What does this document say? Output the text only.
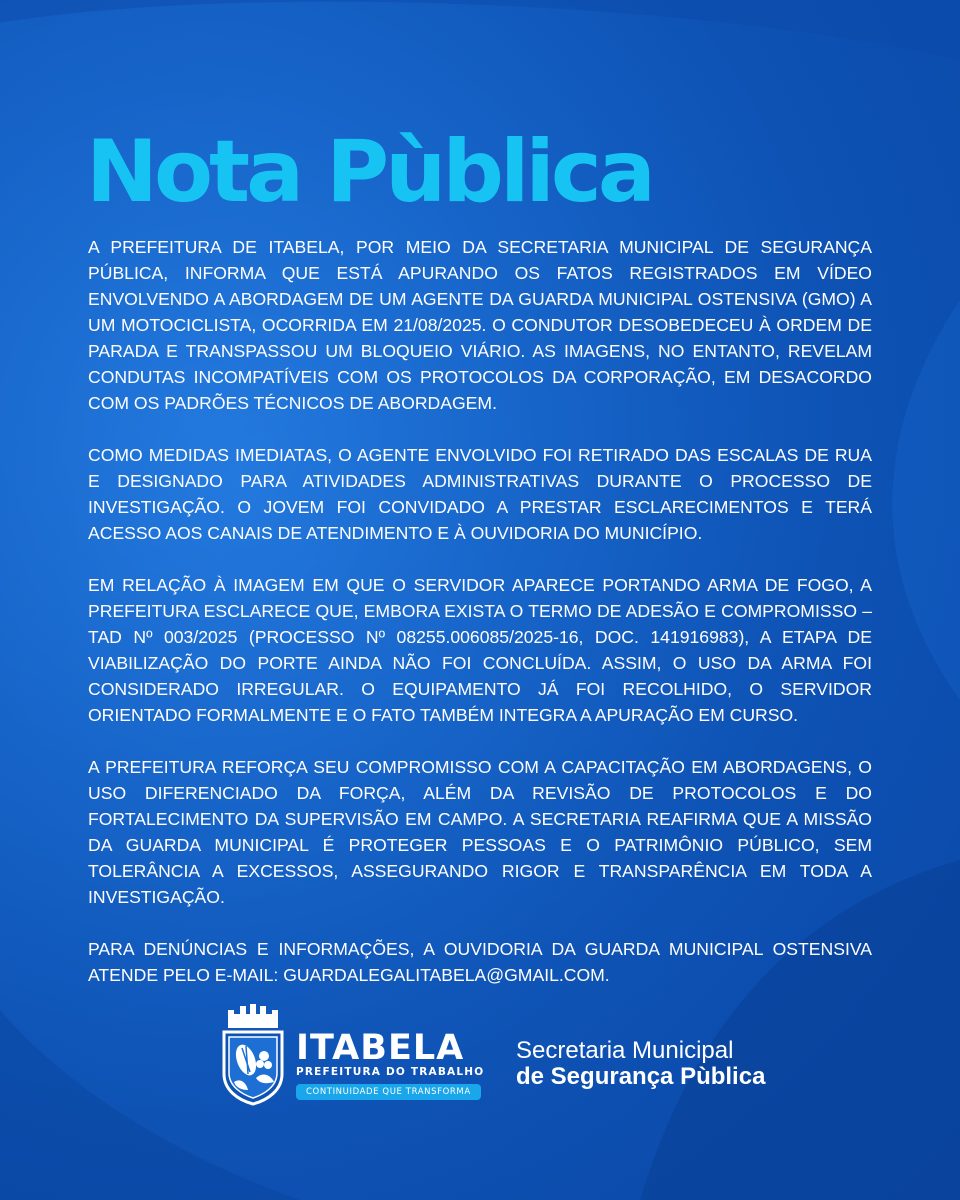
Nota Pùblica

A PREFEITURA DE ITABELA, POR MEIO DA SECRETARIA MUNICIPAL DE SEGURANÇA PÚBLICA, INFORMA QUE ESTÁ APURANDO OS FATOS REGISTRADOS EM VÍDEO ENVOLVENDO A ABORDAGEM DE UM AGENTE DA GUARDA MUNICIPAL OSTENSIVA (GMO) A UM MOTOCICLISTA, OCORRIDA EM 21/08/2025. O CONDUTOR DESOBEDECEU À ORDEM DE PARADA E TRANSPASSOU UM BLOQUEIO VIÁRIO. AS IMAGENS, NO ENTANTO, REVELAM CONDUTAS INCOMPATÍVEIS COM OS PROTOCOLOS DA CORPORAÇÃO, EM DESACORDO COM OS PADRÕES TÉCNICOS DE ABORDAGEM.

COMO MEDIDAS IMEDIATAS, O AGENTE ENVOLVIDO FOI RETIRADO DAS ESCALAS DE RUA E DESIGNADO PARA ATIVIDADES ADMINISTRATIVAS DURANTE O PROCESSO DE INVESTIGAÇÃO. O JOVEM FOI CONVIDADO A PRESTAR ESCLARECIMENTOS E TERÁ ACESSO AOS CANAIS DE ATENDIMENTO E À OUVIDORIA DO MUNICÍPIO.

EM RELAÇÃO À IMAGEM EM QUE O SERVIDOR APARECE PORTANDO ARMA DE FOGO, A PREFEITURA ESCLARECE QUE, EMBORA EXISTA O TERMO DE ADESÃO E COMPROMISSO – TAD Nº 003/2025 (PROCESSO Nº 08255.006085/2025-16, DOC. 141916983), A ETAPA DE VIABILIZAÇÃO DO PORTE AINDA NÃO FOI CONCLUÍDA. ASSIM, O USO DA ARMA FOI CONSIDERADO IRREGULAR. O EQUIPAMENTO JÁ FOI RECOLHIDO, O SERVIDOR ORIENTADO FORMALMENTE E O FATO TAMBÉM INTEGRA A APURAÇÃO EM CURSO.

A PREFEITURA REFORÇA SEU COMPROMISSO COM A CAPACITAÇÃO EM ABORDAGENS, O USO DIFERENCIADO DA FORÇA, ALÉM DA REVISÃO DE PROTOCOLOS E DO FORTALECIMENTO DA SUPERVISÃO EM CAMPO. A SECRETARIA REAFIRMA QUE A MISSÃO DA GUARDA MUNICIPAL É PROTEGER PESSOAS E O PATRIMÔNIO PÚBLICO, SEM TOLERÂNCIA A EXCESSOS, ASSEGURANDO RIGOR E TRANSPARÊNCIA EM TODA A INVESTIGAÇÃO.

PARA DENÚNCIAS E INFORMAÇÕES, A OUVIDORIA DA GUARDA MUNICIPAL OSTENSIVA ATENDE PELO E-MAIL: GUARDALEGALITABELA@GMAIL.COM.

ITABELA
PREFEITURA DO TRABALHO
CONTINUIDADE QUE TRANSFORMA
Secretaria Municipal
de Segurança Pùblica
